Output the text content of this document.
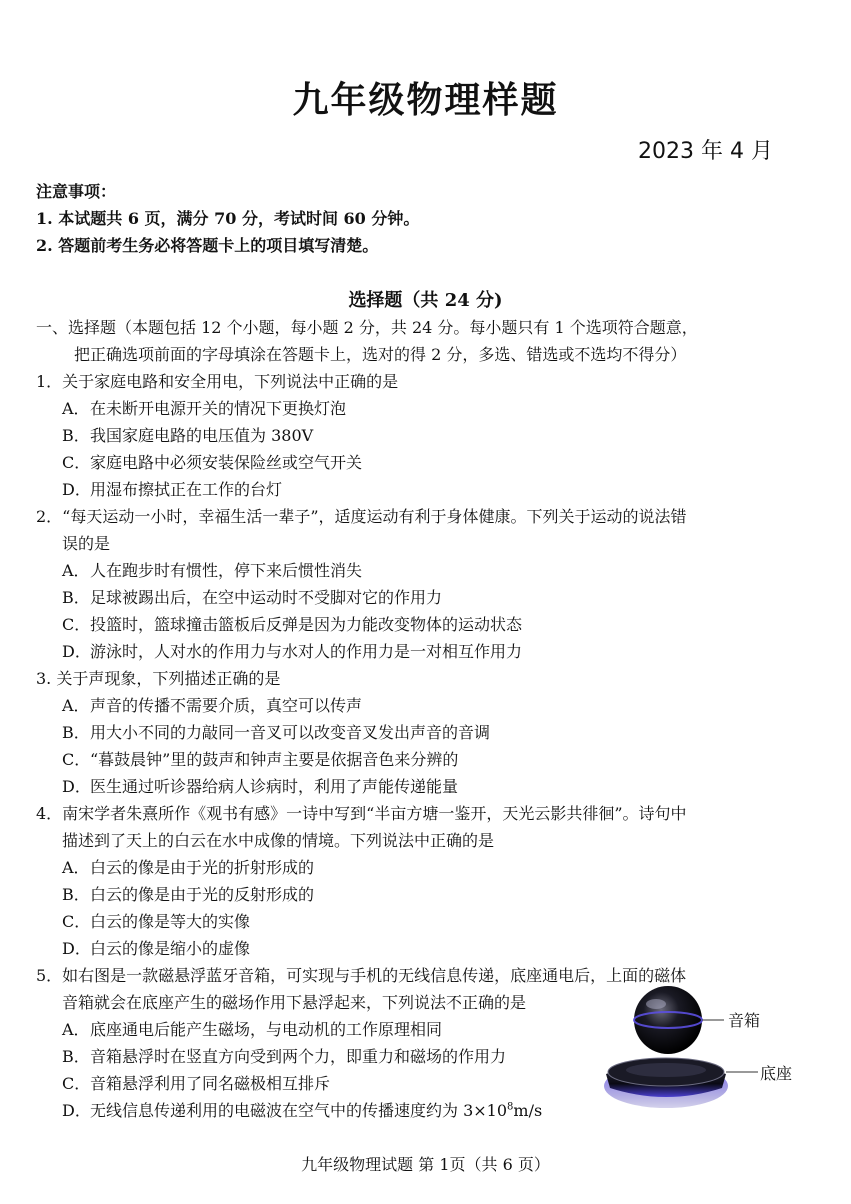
九年级物理样题
2023 年 4 月
注意事项：
1. 本试题共 6 页，满分 70 分，考试时间 60 分钟。
2. 答题前考生务必将答题卡上的项目填写清楚。
选择题（共 24 分)
一、选择题（本题包括 12 个小题，每小题 2 分，共 24 分。每小题只有 1 个选项符合题意，
把正确选项前面的字母填涂在答题卡上，选对的得 2 分，多选、错选或不选均不得分）
1．关于家庭电路和安全用电，下列说法中正确的是
A．在未断开电源开关的情况下更换灯泡
B．我国家庭电路的电压值为 380V
C．家庭电路中必须安装保险丝或空气开关
D．用湿布擦拭正在工作的台灯
2．“每天运动一小时，幸福生活一辈子”，适度运动有利于身体健康。下列关于运动的说法错
误的是
A．人在跑步时有惯性，停下来后惯性消失
B．足球被踢出后，在空中运动时不受脚对它的作用力
C．投篮时，篮球撞击篮板后反弹是因为力能改变物体的运动状态
D．游泳时，人对水的作用力与水对人的作用力是一对相互作用力
3. 关于声现象，下列描述正确的是
A．声音的传播不需要介质，真空可以传声
B．用大小不同的力敲同一音叉可以改变音叉发出声音的音调
C．“暮鼓晨钟”里的鼓声和钟声主要是依据音色来分辨的
D．医生通过听诊器给病人诊病时，利用了声能传递能量
4．南宋学者朱熹所作《观书有感》一诗中写到“半亩方塘一鉴开，天光云影共徘徊”。诗句中
描述到了天上的白云在水中成像的情境。下列说法中正确的是
A．白云的像是由于光的折射形成的
B．白云的像是由于光的反射形成的
C．白云的像是等大的实像
D．白云的像是缩小的虚像
5．如右图是一款磁悬浮蓝牙音箱，可实现与手机的无线信息传递，底座通电后，上面的磁体
音箱就会在底座产生的磁场作用下悬浮起来，下列说法不正确的是
A．底座通电后能产生磁场，与电动机的工作原理相同
B．音箱悬浮时在竖直方向受到两个力，即重力和磁场的作用力
C．音箱悬浮利用了同名磁极相互排斥
D．无线信息传递利用的电磁波在空气中的传播速度约为 $3\times 10^8m/s$
音箱
底座
九年级物理试题 第 1页（共 6 页）
